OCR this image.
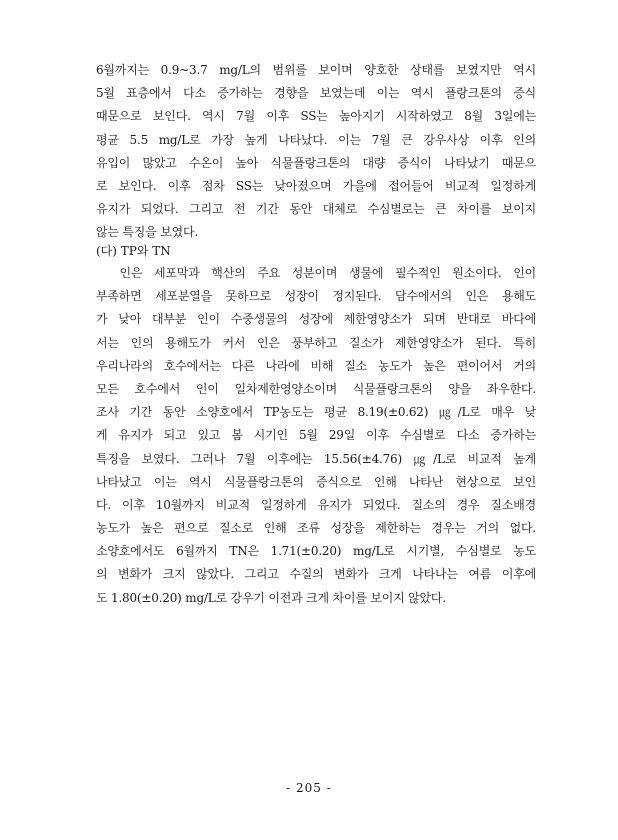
6월까지는 0.9~3.7 mg/L의 범위를 보이며 양호한 상태를 보였지만 역시
5월 표층에서 다소 증가하는 경향을 보였는데 이는 역시 플랑크톤의 증식
때문으로 보인다. 역시 7월 이후 SS는 높아지기 시작하였고 8월 3일에는
평균 5.5 mg/L로 가장 높게 나타났다. 이는 7월 큰 강우사상 이후 인의
유입이 많았고 수온이 높아 식물플랑크톤의 대량 증식이 나타났기 때문으
로 보인다. 이후 점차 SS는 낮아졌으며 가을에 접어들어 비교적 일정하게
유지가 되었다. 그리고 전 기간 동안 대체로 수심별로는 큰 차이를 보이지
않는 특징을 보였다.
(다) TP와 TN
인은 세포막과 핵산의 주요 성분이며 생물에 필수적인 원소이다. 인이
부족하면 세포분열을 못하므로 성장이 정지된다. 담수에서의 인은 용해도
가 낮아 대부분 인이 수중생물의 성장에 제한영양소가 되며 반대로 바다에
서는 인의 용해도가 커서 인은 풍부하고 질소가 제한영양소가 된다. 특히
우리나라의 호수에서는 다른 나라에 비해 질소 농도가 높은 편이어서 거의
모든 호수에서 인이 일차제한영양소이며 식물플랑크톤의 양을 좌우한다.
조사 기간 동안 소양호에서 TP농도는 평균 8.19(±0.62) ㎍/L로 매우 낮
게 유지가 되고 있고 봄 시기인 5월 29일 이후 수심별로 다소 증가하는
특징을 보였다. 그러나 7월 이후에는 15.56(±4.76) ㎍/L로 비교적 높게
나타났고 이는 역시 식물플랑크톤의 증식으로 인해 나타난 현상으로 보인
다. 이후 10월까지 비교적 일정하게 유지가 되었다. 질소의 경우 질소배경
농도가 높은 편으로 질소로 인해 조류 성장을 제한하는 경우는 거의 없다.
소양호에서도 6월까지 TN은 1.71(±0.20) mg/L로 시기별, 수심별로 농도
의 변화가 크지 않았다. 그리고 수질의 변화가 크게 나타나는 여름 이후에
도 1.80(±0.20) mg/L로 강우기 이전과 크게 차이를 보이지 않았다.
- 205 -
